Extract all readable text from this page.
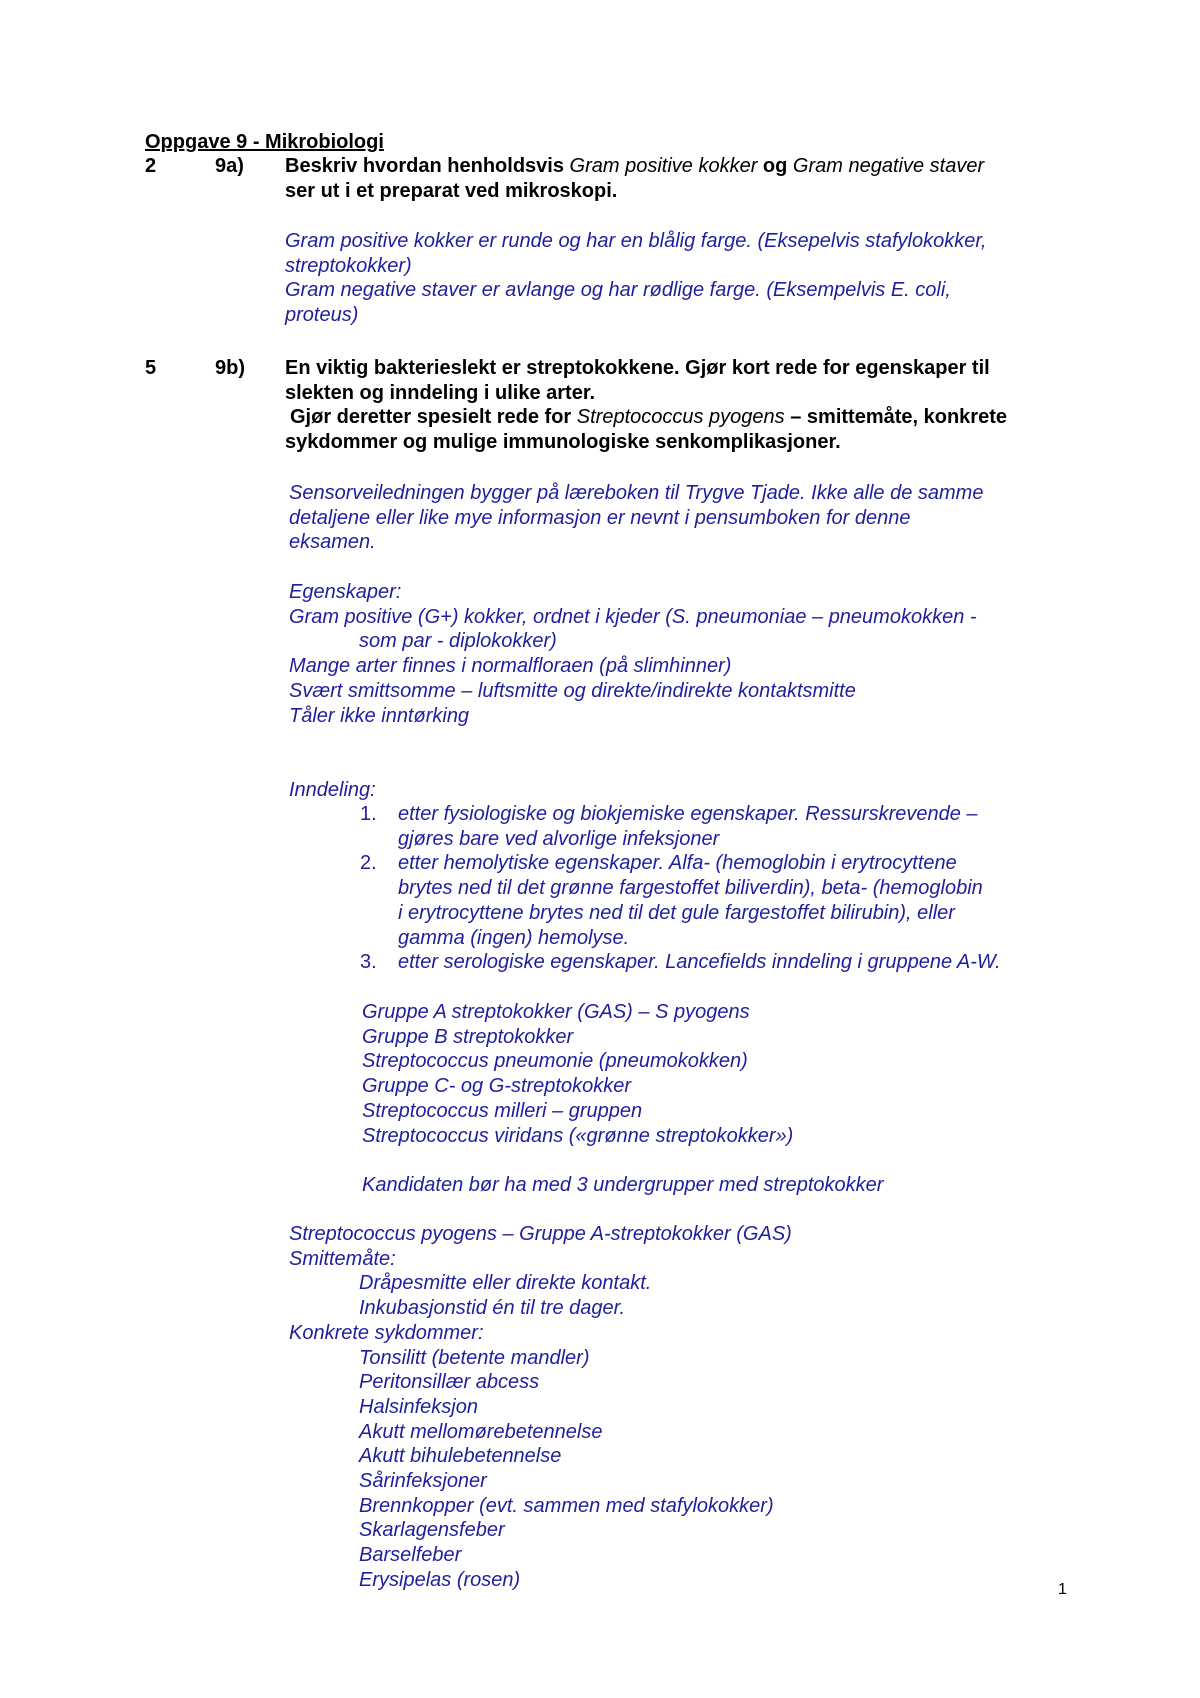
Oppgave 9 - Mikrobiologi
2	9a) Beskriv hvordan henholdsvis Gram positive kokker og Gram negative staver
ser ut i et preparat ved mikroskopi.
Gram positive kokker er runde og har en blålig farge. (Eksepelvis stafylokokker,
streptokokker)
Gram negative staver er avlange og har rødlige farge. (Eksempelvis E. coli,
proteus)
5	9b) En viktig bakterieslekt er streptokokkene. Gjør kort rede for egenskaper til
slekten og inndeling i ulike arter.
Gjør deretter spesielt rede for Streptococcus pyogens – smittemåte, konkrete
sykdommer og mulige immunologiske senkomplikasjoner.
Sensorveiledningen bygger på læreboken til Trygve Tjade. Ikke alle de samme
detaljene eller like mye informasjon er nevnt i pensumboken for denne
eksamen.
Egenskaper:
Gram positive (G+) kokker, ordnet i kjeder (S. pneumoniae – pneumokokken -
som par - diplokokker)
Mange arter finnes i normalfloraen (på slimhinner)
Svært smittsomme – luftsmitte og direkte/indirekte kontaktsmitte
Tåler ikke inntørking
Inndeling:
1. etter fysiologiske og biokjemiske egenskaper. Ressurskrevende –
gjøres bare ved alvorlige infeksjoner
2. etter hemolytiske egenskaper. Alfa- (hemoglobin i erytrocyttene
brytes ned til det grønne fargestoffet biliverdin), beta- (hemoglobin
i erytrocyttene brytes ned til det gule fargestoffet bilirubin), eller
gamma (ingen) hemolyse.
3. etter serologiske egenskaper. Lancefields inndeling i gruppene A-W.
Gruppe A streptokokker (GAS) – S pyogens
Gruppe B streptokokker
Streptococcus pneumonie (pneumokokken)
Gruppe C- og G-streptokokker
Streptococcus milleri – gruppen
Streptococcus viridans («grønne streptokokker»)
Kandidaten bør ha med 3 undergrupper med streptokokker
Streptococcus pyogens – Gruppe A-streptokokker (GAS)
Smittemåte:
Dråpesmitte eller direkte kontakt.
Inkubasjonstid én til tre dager.
Konkrete sykdommer:
Tonsilitt (betente mandler)
Peritonsillær abcess
Halsinfeksjon
Akutt mellomørebetennelse
Akutt bihulebetennelse
Sårinfeksjoner
Brennkopper (evt. sammen med stafylokokker)
Skarlagensfeber
Barselfeber
Erysipelas (rosen)	1
